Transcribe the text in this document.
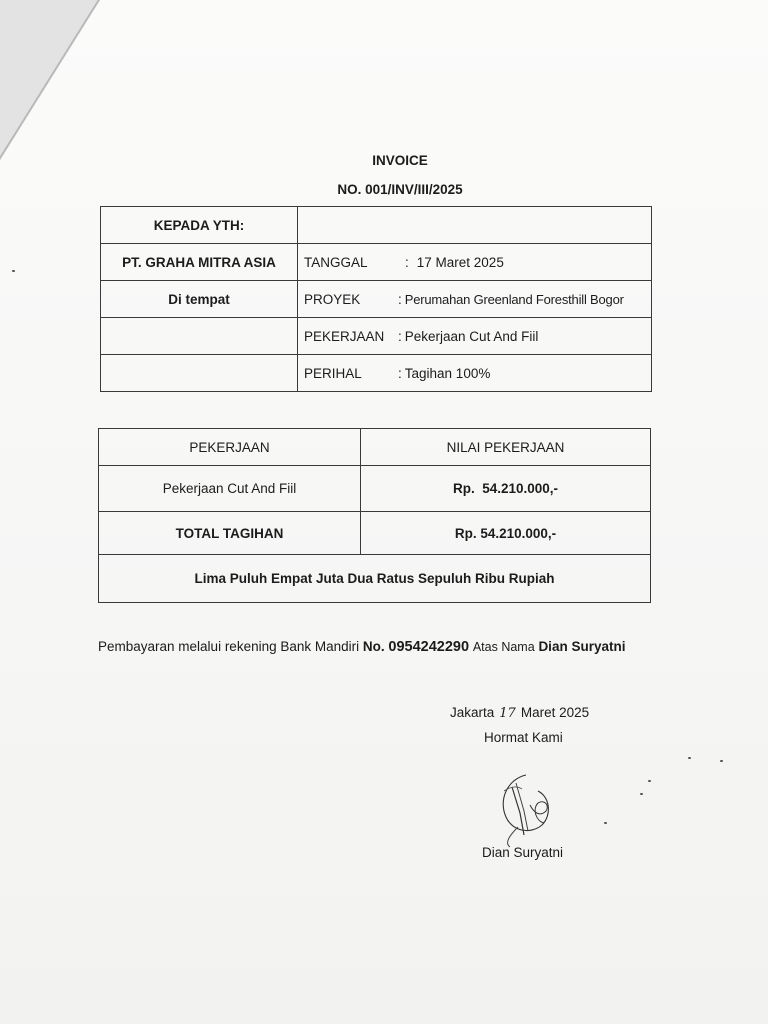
INVOICE
NO. 001/INV/III/2025
KEPADA YTH:	
PT. GRAHA MITRA ASIA	TANGGAL : 17 Maret 2025

Di tempat	PROYEK : Perumahan Greenland Foresthill Bogor

	PEKERJAAN : Pekerjaan Cut And Fiil

	PERIHAL : Tagihan 100%
PEKERJAAN	NILAI PEKERJAAN
Pekerjaan Cut And Fiil	Rp. 54.210.000,-
TOTAL TAGIHAN	Rp. 54.210.000,-
Lima Puluh Empat Juta Dua Ratus Sepuluh Ribu Rupiah	
Pembayaran melalui rekening Bank Mandiri No. 0954242290 Atas Nama Dian Suryatni
Jakarta 17 Maret 2025
Hormat Kami
Dian Suryatni
